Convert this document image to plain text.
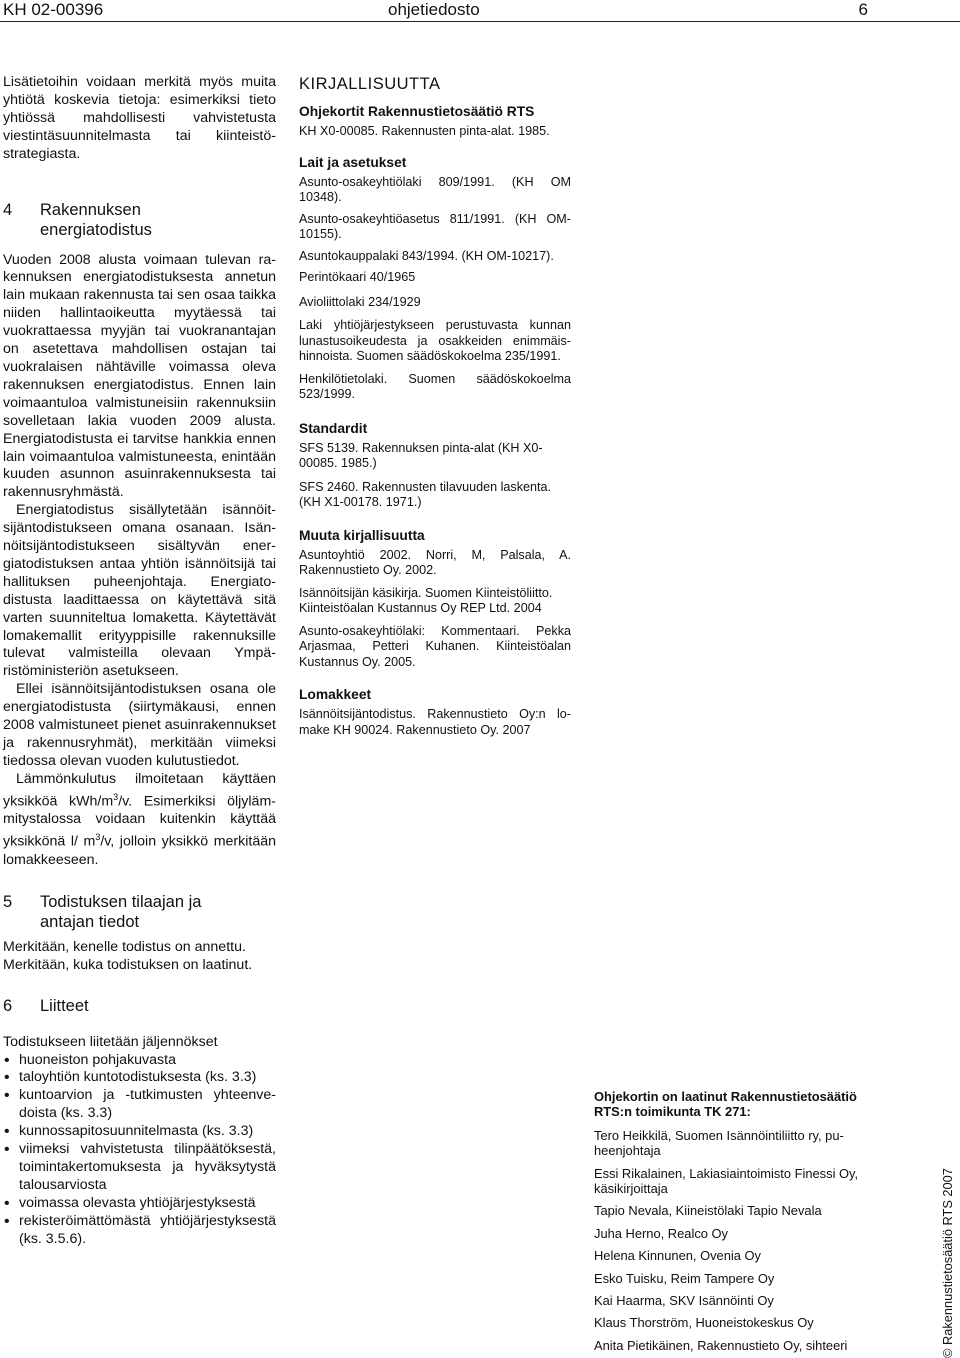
KH 02-00396	ohjetiedosto	6

Lisätietoihin voidaan merkitä myös muita yhtiötä koskevia tietoja: esimerkiksi tieto yhtiössä mahdollisesti vahvistetusta viestintäsuunnitelmasta tai kiinteistöstrategiasta.

4	Rakennuksen energiatodistus

Vuoden 2008 alusta voimaan tulevan rakennuksen energiatodistuksesta annetun lain mukaan rakennusta tai sen osaa taikka niiden hallintaoikeutta myytäessä tai vuokrattaessa myyjän tai vuokranantajan on asetettava mahdollisen ostajan tai vuokralaisen nähtäville voimassa oleva rakennuksen energiatodistus. Ennen lain voimaantuloa valmistuneisiin rakennuksiin sovelletaan lakia vuoden 2009 alusta. Energiatodistusta ei tarvitse hankkia ennen lain voimaantuloa valmistuneesta, enintään kuuden asunnon asuinrakennuksesta tai rakennusryhmästä.

Energiatodistus sisällytetään isännöitsijäntodistukseen omana osanaan. Isännöitsijäntodistukseen sisältyvän energiatodistuksen antaa yhtiön isännöitsijä tai hallituksen puheenjohtaja. Energiatodistusta laadittaessa on käytettävä sitä varten suunniteltua lomaketta. Käytettävät lomakemallit erityyppisille rakennuksille tulevat valmisteilla olevaan Ympäristöministeriön asetukseen.

Ellei isännöitsijäntodistuksen osana ole energiatodistusta (siirtymäkausi, ennen 2008 valmistuneet pienet asuinrakennukset ja rakennusryhmät), merkitään viimeksi tiedossa olevan vuoden kulutustiedot.

Lämmönkulutus ilmoitetaan käyttäen yksikköä kWh/$m^3/v$. Esimerkiksi öljylämmitystalossa voidaan kuitenkin käyttää yksikkönä l/ $m^3/v$, jolloin yksikkö merkitään lomakkeeseen.

5	Todistuksen tilaajan ja antajan tiedot

Merkitään, kenelle todistus on annettu.

Merkitään, kuka todistuksen on laatinut.

6	Liitteet

Todistukseen liitetään jäljennökset

• huoneiston pohjakuvasta
• taloyhtiön kuntotodistuksesta (ks. 3.3)
• kuntoarvion ja -tutkimusten yhteenvedoista (ks. 3.3)
• kunnossapitosuunnitelmasta (ks. 3.3)
• viimeksi vahvistetusta tilinpäätöksestä, toimintakertomuksesta ja hyväksytystä talousarviosta
• voimassa olevasta yhtiöjärjestyksestä
• rekisteröimättömästä yhtiöjärjestyksestä (ks. 3.5.6).
KIRJALLISUUTTA
Ohjekortit Rakennustietosäätiö RTS

KH X0-00085. Rakennusten pinta-alat. 1985.

Lait ja asetukset

Asunto-osakeyhtiölaki 809/1991. (KH OM 10348).

Asunto-osakeyhtiöasetus 811/1991. (KH OM-10155).

Asuntokauppalaki 843/1994. (KH OM-10217).

Perintökaari 40/1965

Avioliittolaki 234/1929

Laki yhtiöjärjestykseen perustuvasta kunnan lunastusoikeudesta ja osakkeiden enimmäishinnoista. Suomen säädöskokoelma 235/1991.

Henkilötietolaki. Suomen säädöskokoelma 523/1999.

Standardit

SFS 5139. Rakennuksen pinta-alat (KH X0-00085. 1985.)

SFS 2460. Rakennusten tilavuuden laskenta. (KH X1-00178. 1971.)

Muuta kirjallisuutta

Asuntoyhtiö 2002. Norri, M, Palsala, A. Rakennustieto Oy. 2002.

Isännöitsijän käsikirja. Suomen Kiinteistöliitto. Kiinteistöalan Kustannus Oy REP Ltd. 2004

Asunto-osakeyhtiölaki: Kommentaari. Pekka Arjasmaa, Petteri Kuhanen. Kiinteistöalan Kustannus Oy. 2005.

Lomakkeet

Isännöitsijäntodistus. Rakennustieto Oy:n lomake KH 90024. Rakennustieto Oy. 2007

Ohjekortin on laatinut Rakennustietosäätiö RTS:n toimikunta TK 271:

Tero Heikkilä, Suomen Isännöintiliitto ry, puheenjohtaja

Essi Rikalainen, Lakiasiaintoimisto Finessi Oy, käsikirjoittaja

Tapio Nevala, Kiineistölaki Tapio Nevala

Juha Herno, Realco Oy

Helena Kinnunen, Ovenia Oy

Esko Tuisku, Reim Tampere Oy

Kai Haarma, SKV Isännöinti Oy

Klaus Thorström, Huoneistokeskus Oy

Anita Pietikäinen, Rakennustieto Oy, sihteeri	© Rakennustietosäätiö RTS 2007
